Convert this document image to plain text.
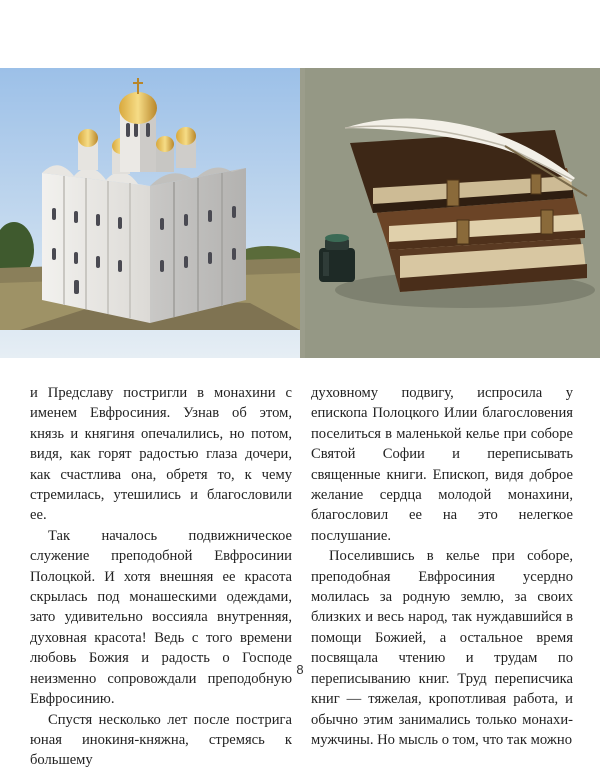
и Предславу постригли в монахини с именем Евфросиния. Узнав об этом, князь и княгиня опечалились, но потом, видя, как горят радостью глаза дочери, как счастлива она, обретя то, к чему стремилась, утешились и благословили ее.

Так началось подвижническое служение преподобной Евфросинии Полоцкой. И хотя внешняя ее красота скрылась под монашескими одеждами, зато удивительно воссияла внутренняя, духовная красота! Ведь с того времени любовь Божия и радость о Господе неизменно сопровождали преподобную Евфросинию.

Спустя несколько лет после пострига юная инокиня-княжна, стремясь к большему

духовному подвигу, испросила у епископа Полоцкого Илии благословения поселиться в маленькой келье при соборе Святой Софии и переписывать священные книги. Епископ, видя доброе желание сердца молодой монахини, благословил ее на это нелегкое послушание.

Поселившись в келье при соборе, преподобная Евфросиния усердно молилась за родную землю, за своих близких и весь народ, так нуждавшийся в помощи Божией, а остальное время посвящала чтению и трудам по переписыванию книг. Труд переписчика книг — тяжелая, кропотливая работа, и обычно этим занимались только монахи-мужчины. Но мысль о том, что так можно

8
